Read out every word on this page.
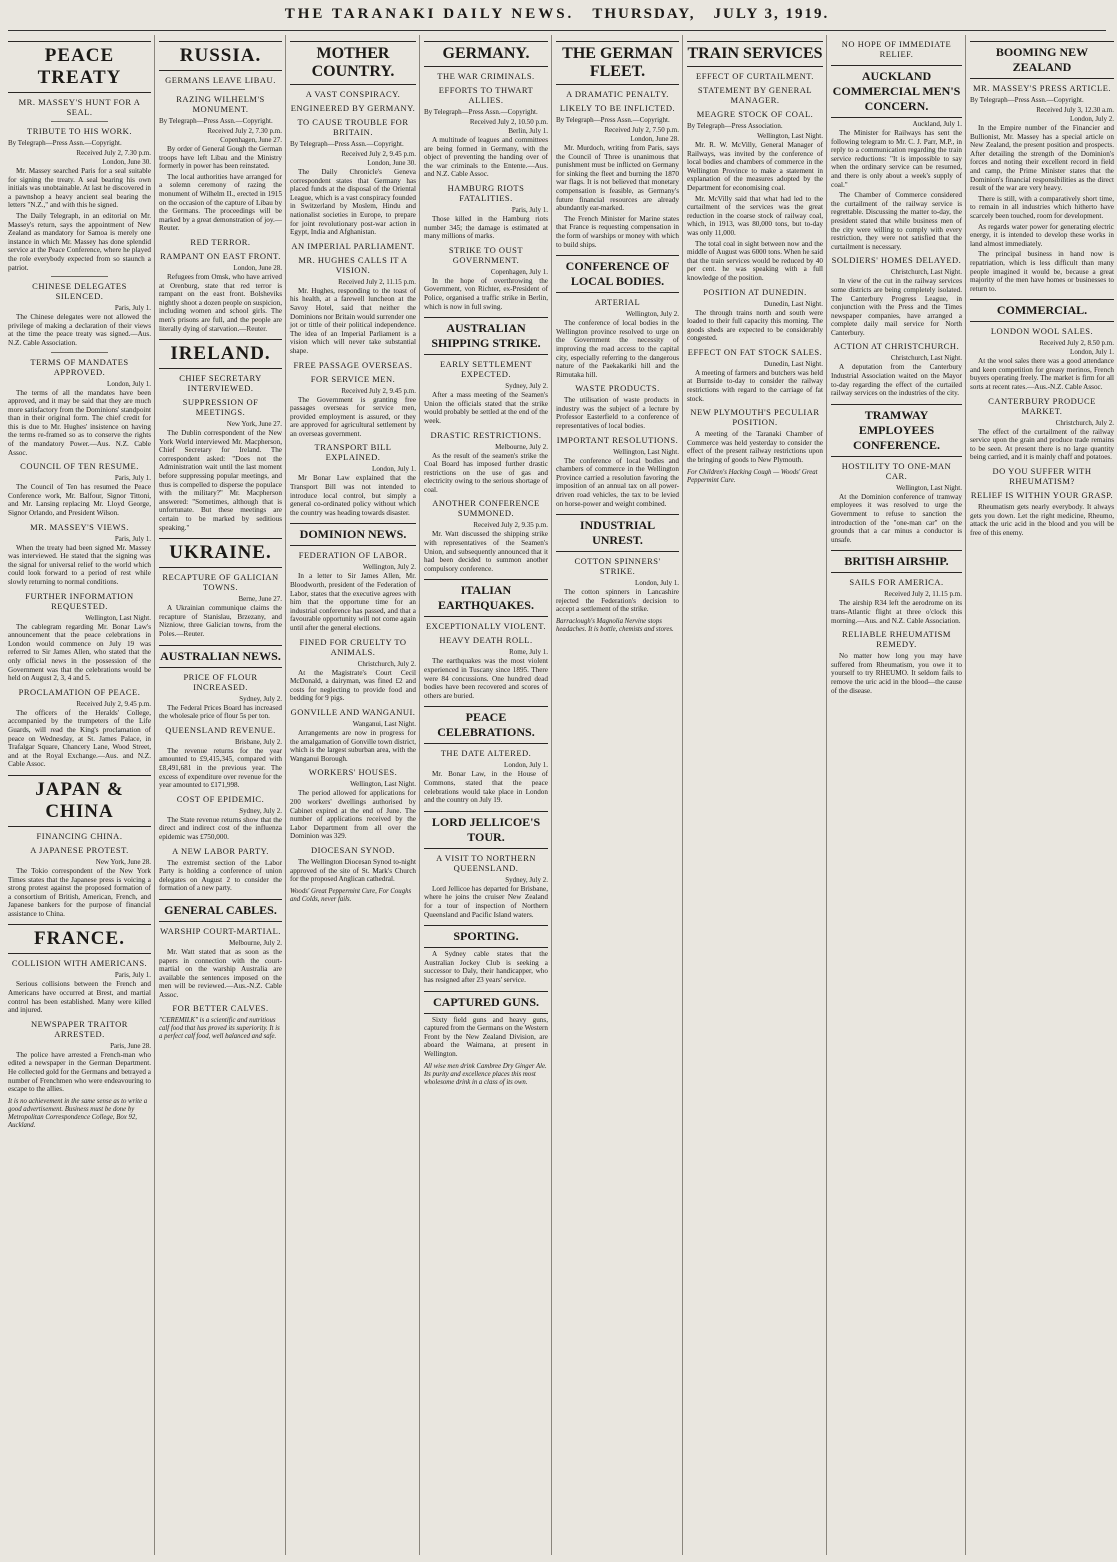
THE TARANAKI DAILY NEWS. THURSDAY, JULY 3, 1919.
PEACE TREATY
MR. MASSEY'S HUNT FOR A SEAL.
TRIBUTE TO HIS WORK.
By Telegraph—Press Assn.—Copyright.
Received July 2, 7.30 p.m.
London, June 30.

Mr. Massey searched Paris for a seal suitable for signing the treaty. A seal bearing his own initials was unobtainable. At last he discovered in a pawnshop a heavy ancient seal bearing the letters "N.Z.," and with this he signed.

The Daily Telegraph, in an editorial on Mr. Massey's return, says the appointment of New Zealand as mandatory for Samoa is merely one instance in which Mr. Massey has done splendid service at the Peace Conference, where he played the role everybody expected from so staunch a patriot.

CHINESE DELEGATES SILENCED.
Paris, July 1.

The Chinese delegates were not allowed the privilege of making a declaration of their views at the time the peace treaty was signed.—Aus. N.Z. Cable Association.

TERMS OF MANDATES APPROVED.
London, July 1.

The terms of all the mandates have been approved, and it may be said that they are much more satisfactory from the Dominions' standpoint than in their original form. The chief credit for this is due to Mr. Hughes' insistence on having the terms re-framed so as to conserve the rights of the mandatory Power.—Aus. N.Z. Cable Assoc.

COUNCIL OF TEN RESUME.
Paris, July 1.

The Council of Ten has resumed the Peace Conference work, Mr. Balfour, Signor Tittoni, and Mr. Lansing replacing Mr. Lloyd George, Signor Orlando, and President Wilson.

MR. MASSEY'S VIEWS.
Paris, July 1.

When the treaty had been signed Mr. Massey was interviewed. He stated that the signing was the signal for universal relief to the world which could look forward to a period of rest while slowly returning to normal conditions.

FURTHER INFORMATION REQUESTED.
Wellington, Last Night.

The cablegram regarding Mr. Bonar Law's announcement that the peace celebrations in London would commence on July 19 was referred to Sir James Allen, who stated that the only official news in the possession of the Government was that the celebrations would be held on August 2, 3, 4 and 5.

PROCLAMATION OF PEACE.
Received July 2, 9.45 p.m.

The officers of the Heralds' College, accompanied by the trumpeters of the Life Guards, will read the King's proclamation of peace on Wednesday, at St. James Palace, in Trafalgar Square, Chancery Lane, Wood Street, and at the Royal Exchange.—Aus. and N.Z. Cable Assoc.

JAPAN & CHINA
FINANCING CHINA.
A JAPANESE PROTEST.
New York, June 28.

The Tokio correspondent of the New York Times states that the Japanese press is voicing a strong protest against the proposed formation of a consortium of British, American, French, and Japanese bankers for the purpose of financial assistance to China.

FRANCE.
COLLISION WITH AMERICANS.
Paris, July 1.

Serious collisions between the French and Americans have occurred at Brest, and martial control has been established. Many were killed and injured.

NEWSPAPER TRAITOR ARRESTED.
Paris, June 28.

The police have arrested a French-man who edited a newspaper in the German Department. He collected gold for the Germans and betrayed a number of Frenchmen who were endeavouring to escape to the allies.

It is no achievement in the same sense as to write a good advertisement. Business must be done by Metropolitan Correspondence College, Box 92, Auckland.
RUSSIA.
GERMANS LEAVE LIBAU.
RAZING WILHELM'S MONUMENT.
By Telegraph—Press Assn.—Copyright.
Received July 2, 7.30 p.m.
Copenhagen, June 27.

By order of General Gough the German troops have left Libau and the Ministry formerly in power has been reinstated.

The local authorities have arranged for a solemn ceremony of razing the monument of Wilhelm II., erected in 1915 on the occasion of the capture of Libau by the Germans. The proceedings will be marked by a great demonstration of joy.—Reuter.

RED TERROR.
RAMPANT ON EAST FRONT.
London, June 28.

Refugees from Omsk, who have arrived at Orenburg, state that red terror is rampant on the east front. Bolsheviks nightly shoot a dozen people on suspicion, including women and school girls. The men's prisons are full, and the people are literally dying of starvation.—Reuter.

IRELAND.
CHIEF SECRETARY INTERVIEWED.
SUPPRESSION OF MEETINGS.
New York, June 27.

The Dublin correspondent of the New York World interviewed Mr. Macpherson, Chief Secretary for Ireland. The correspondent asked: "Does not the Administration wait until the last moment before suppressing popular meetings, and thus is compelled to disperse the populace with the military?" Mr. Macpherson answered: "Sometimes, although that is unfortunate. But these meetings are certain to be marked by seditious speaking."

UKRAINE.
RECAPTURE OF GALICIAN TOWNS.
Berne, June 27.

A Ukrainian communique claims the recapture of Stanislau, Brzezany, and Nizniow, three Galician towns, from the Poles.—Reuter.

AUSTRALIAN NEWS.
PRICE OF FLOUR INCREASED.
Sydney, July 2.

The Federal Prices Board has increased the wholesale price of flour 5s per ton.

QUEENSLAND REVENUE.
Brisbane, July 2.

The revenue returns for the year amounted to £9,415,345, compared with £8,491,681 in the previous year. The excess of expenditure over revenue for the year amounted to £171,998.

COST OF EPIDEMIC.
Sydney, July 2.

The State revenue returns show that the direct and indirect cost of the influenza epidemic was £750,000.

A NEW LABOR PARTY.

The extremist section of the Labor Party is holding a conference of union delegates on August 2 to consider the formation of a new party.

GENERAL CABLES.
WARSHIP COURT-MARTIAL.
Melbourne, July 2.

Mr. Watt stated that as soon as the papers in connection with the court-martial on the warship Australia are available the sentences imposed on the men will be reviewed.—Aus.-N.Z. Cable Assoc.

FOR BETTER CALVES.
"CEREMILK" is a scientific and nutritious calf food that has proved its superiority. It is a perfect calf food, well balanced and safe.
MOTHER COUNTRY.
A VAST CONSPIRACY.
ENGINEERED BY GERMANY.
TO CAUSE TROUBLE FOR BRITAIN.
By Telegraph—Press Assn.—Copyright.
Received July 2, 9.45 p.m.
London, June 30.

The Daily Chronicle's Geneva correspondent states that Germany has placed funds at the disposal of the Oriental League, which is a vast conspiracy founded in Switzerland by Moslem, Hindu and nationalist societies in Europe, to prepare for joint revolutionary post-war action in Egypt, India and Afghanistan.

AN IMPERIAL PARLIAMENT.
MR. HUGHES CALLS IT A VISION.
Received July 2, 11.15 p.m.

Mr. Hughes, responding to the toast of his health, at a farewell luncheon at the Savoy Hotel, said that neither the Dominions nor Britain would surrender one jot or tittle of their political independence. The idea of an Imperial Parliament is a vision which will never take substantial shape.

FREE PASSAGE OVERSEAS.
FOR SERVICE MEN.
Received July 2, 9.45 p.m.

The Government is granting free passages overseas for service men, provided employment is assured, or they are approved for agricultural settlement by an overseas government.

TRANSPORT BILL EXPLAINED.
London, July 1.

Mr Bonar Law explained that the Transport Bill was not intended to introduce local control, but simply a general co-ordinated policy without which the country was heading towards disaster.

DOMINION NEWS.
FEDERATION OF LABOR.
Wellington, July 2.

In a letter to Sir James Allen, Mr. Bloodworth, president of the Federation of Labor, states that the executive agrees with him that the opportune time for an industrial conference has passed, and that a favourable opportunity will not come again until after the general elections.

FINED FOR CRUELTY TO ANIMALS.
Christchurch, July 2.

At the Magistrate's Court Cecil McDonald, a dairyman, was fined £2 and costs for neglecting to provide food and bedding for 9 pigs.

GONVILLE AND WANGANUI.
Wanganui, Last Night.

Arrangements are now in progress for the amalgamation of Gonville town district, which is the largest suburban area, with the Wanganui Borough.

WORKERS' HOUSES.
Wellington, Last Night.

The period allowed for applications for 200 workers' dwellings authorised by Cabinet expired at the end of June. The number of applications received by the Labor Department from all over the Dominion was 329.

DIOCESAN SYNOD.

The Wellington Diocesan Synod to-night approved of the site of St. Mark's Church for the proposed Anglican cathedral.

Woods' Great Peppermint Cure, For Coughs and Colds, never fails.
GERMANY.
THE WAR CRIMINALS.
EFFORTS TO THWART ALLIES.
By Telegraph—Press Assn.—Copyright.
Received July 2, 10.50 p.m.
Berlin, July 1.

A multitude of leagues and committees are being formed in Germany, with the object of preventing the handing over of the war criminals to the Entente.—Aus. and N.Z. Cable Assoc.

HAMBURG RIOTS FATALITIES.
Paris, July 1.

Those killed in the Hamburg riots number 345; the damage is estimated at many millions of marks.

STRIKE TO OUST GOVERNMENT.
Copenhagen, July 1.

In the hope of overthrowing the Government, von Richter, ex-President of Police, organised a traffic strike in Berlin, which is now in full swing.

AUSTRALIAN SHIPPING STRIKE.
EARLY SETTLEMENT EXPECTED.
Sydney, July 2.

After a mass meeting of the Seamen's Union the officials stated that the strike would probably be settled at the end of the week.

DRASTIC RESTRICTIONS.
Melbourne, July 2.

As the result of the seamen's strike the Coal Board has imposed further drastic restrictions on the use of gas and electricity owing to the serious shortage of coal.

ANOTHER CONFERENCE SUMMONED.
Received July 2, 9.35 p.m.

Mr. Watt discussed the shipping strike with representatives of the Seamen's Union, and subsequently announced that it had been decided to summon another compulsory conference.

ITALIAN EARTHQUAKES.
EXCEPTIONALLY VIOLENT.
HEAVY DEATH ROLL.
Rome, July 1.

The earthquakes was the most violent experienced in Tuscany since 1895. There were 84 concussions. One hundred dead bodies have been recovered and scores of others are buried.

PEACE CELEBRATIONS.
THE DATE ALTERED.
London, July 1.

Mr. Bonar Law, in the House of Commons, stated that the peace celebrations would take place in London and the country on July 19.

LORD JELLICOE'S TOUR.
A VISIT TO NORTHERN QUEENSLAND.
Sydney, July 2.

Lord Jellicoe has departed for Brisbane, where he joins the cruiser New Zealand for a tour of inspection of Northern Queensland and Pacific Island waters.

SPORTING.

A Sydney cable states that the Australian Jockey Club is seeking a successor to Daly, their handicapper, who has resigned after 23 years' service.

CAPTURED GUNS.

Sixty field guns and heavy guns, captured from the Germans on the Western Front by the New Zealand Division, are aboard the Waimana, at present in Wellington.

All wise men drink Cambree Dry Ginger Ale. Its purity and excellence places this most wholesome drink in a class of its own.
THE GERMAN FLEET.
A DRAMATIC PENALTY.
LIKELY TO BE INFLICTED.
By Telegraph—Press Assn.—Copyright.
Received July 2, 7.50 p.m.
London, June 28.

Mr. Murdoch, writing from Paris, says the Council of Three is unanimous that punishment must be inflicted on Germany for sinking the fleet and burning the 1870 war flags. It is not believed that monetary compensation is feasible, as Germany's future financial resources are already abundantly ear-marked.

The French Minister for Marine states that France is requesting compensation in the form of warships or money with which to build ships.

CONFERENCE OF LOCAL BODIES.
ARTERIAL
Wellington, July 2.

The conference of local bodies in the Wellington province resolved to urge on the Government the necessity of improving the road access to the capital city, especially referring to the dangerous nature of the Paekakariki hill and the Rimutaka hill.

WASTE PRODUCTS.

The utilisation of waste products in industry was the subject of a lecture by Professor Easterfield to a conference of representatives of local bodies.

IMPORTANT RESOLUTIONS.
Wellington, Last Night.

The conference of local bodies and chambers of commerce in the Wellington Province carried a resolution favoring the imposition of an annual tax on all power-driven road vehicles, the tax to be levied on horse-power and weight combined.

INDUSTRIAL UNREST.
COTTON SPINNERS' STRIKE.
London, July 1.

The cotton spinners in Lancashire rejected the Federation's decision to accept a settlement of the strike.

Barraclough's Magnolia Nervine stops headaches. It is bottle, chemists and stores.
TRAIN SERVICES
EFFECT OF CURTAILMENT.
STATEMENT BY GENERAL MANAGER.
MEAGRE STOCK OF COAL.
By Telegraph—Press Association.
Wellington, Last Night.

Mr. R. W. McVilly, General Manager of Railways, was invited by the conference of local bodies and chambers of commerce in the Wellington Province to make a statement in explanation of the measures adopted by the Department for economising coal.

Mr. McVilly said that what had led to the curtailment of the services was the great reduction in the coarse stock of railway coal, which, in 1913, was 80,000 tons, but to-day was only 11,000.

The total coal in sight between now and the middle of August was 6000 tons. When he said that the train services would be reduced by 40 per cent. he was speaking with a full knowledge of the position.

POSITION AT DUNEDIN.
Dunedin, Last Night.

The through trains north and south were loaded to their full capacity this morning. The goods sheds are expected to be considerably congested.

EFFECT ON FAT STOCK SALES.
Dunedin, Last Night.

A meeting of farmers and butchers was held at Burnside to-day to consider the railway restrictions with regard to the carriage of fat stock.

NEW PLYMOUTH'S PECULIAR POSITION.

A meeting of the Taranaki Chamber of Commerce was held yesterday to consider the effect of the present railway restrictions upon the bringing of goods to New Plymouth.

For Children's Hacking Cough — Woods' Great Peppermint Cure.
NO HOPE OF IMMEDIATE RELIEF.
AUCKLAND COMMERCIAL MEN'S CONCERN.
Auckland, July 1.

The Minister for Railways has sent the following telegram to Mr. C. J. Parr, M.P., in reply to a communication regarding the train service reductions: "It is impossible to say when the ordinary service can be resumed, and there is only about a week's supply of coal."

The Chamber of Commerce considered the curtailment of the railway service is regrettable. Discussing the matter to-day, the president stated that while business men of the city were willing to comply with every restriction, they were not satisfied that the curtailment is necessary.

SOLDIERS' HOMES DELAYED.
Christchurch, Last Night.

In view of the cut in the railway services some districts are being completely isolated. The Canterbury Progress League, in conjunction with the Press and the Times newspaper companies, have arranged a complete daily mail service for North Canterbury.

ACTION AT CHRISTCHURCH.
Christchurch, Last Night.

A deputation from the Canterbury Industrial Association waited on the Mayor to-day regarding the effect of the curtailed railway services on the industries of the city.

TRAMWAY EMPLOYEES CONFERENCE.
HOSTILITY TO ONE-MAN CAR.
Wellington, Last Night.

At the Dominion conference of tramway employees it was resolved to urge the Government to refuse to sanction the introduction of the "one-man car" on the grounds that a car minus a conductor is unsafe.

BRITISH AIRSHIP.
SAILS FOR AMERICA.
Received July 2, 11.15 p.m.

The airship R34 left the aerodrome on its trans-Atlantic flight at three o'clock this morning.—Aus. and N.Z. Cable Association.

RELIABLE RHEUMATISM REMEDY.

No matter how long you may have suffered from Rheumatism, you owe it to yourself to try RHEUMO. It seldom fails to remove the uric acid in the blood—the cause of the disease.

BOOMING NEW ZEALAND
MR. MASSEY'S PRESS ARTICLE.
By Telegraph—Press Assn.—Copyright.
Received July 3, 12.30 a.m.
London, July 2.

In the Empire number of the Financier and Bullionist, Mr. Massey has a special article on New Zealand, the present position and prospects. After detailing the strength of the Dominion's forces and noting their excellent record in field and camp, the Prime Minister states that the Dominion's financial responsibilities as the direct result of the war are very heavy.

There is still, with a comparatively short time, to remain in all industries which hitherto have scarcely been touched, room for development.

As regards water power for generating electric energy, it is intended to develop these works in land almost immediately.

The principal business in hand now is repatriation, which is less difficult than many people imagined it would be, because a great majority of the men have homes or businesses to return to.

COMMERCIAL.
LONDON WOOL SALES.
Received July 2, 8.50 p.m.
London, July 1.

At the wool sales there was a good attendance and keen competition for greasy merinos, French buyers operating freely. The market is firm for all sorts at recent rates.—Aus.-N.Z. Cable Assoc.

CANTERBURY PRODUCE MARKET.
Christchurch, July 2.

The effect of the curtailment of the railway service upon the grain and produce trade remains to be seen. At present there is no large quantity being carried, and it is mainly chaff and potatoes.

DO YOU SUFFER WITH RHEUMATISM?
RELIEF IS WITHIN YOUR GRASP.

Rheumatism gets nearly everybody. It always gets you down. Let the right medicine, Rheumo, attack the uric acid in the blood and you will be free of this enemy.
